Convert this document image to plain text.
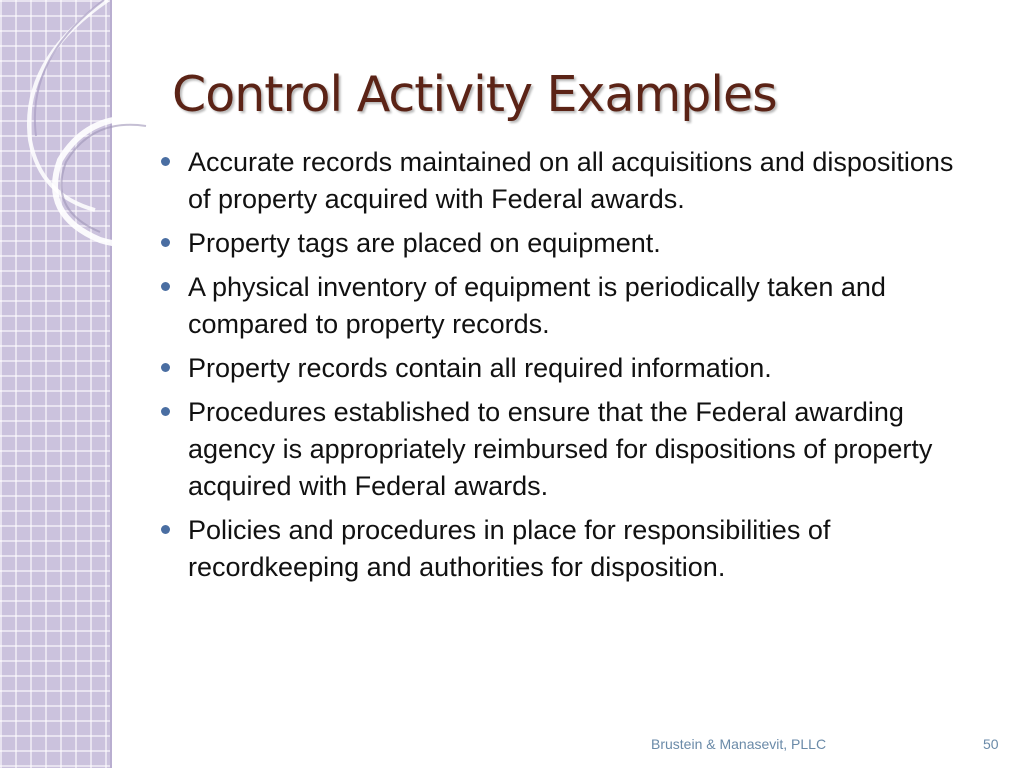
Control Activity Examples
Accurate records maintained on all acquisitions and dispositions of property acquired with Federal awards.
Property tags are placed on equipment.
A physical inventory of equipment is periodically taken and compared to property records.
Property records contain all required information.
Procedures established to ensure that the Federal awarding agency is appropriately reimbursed for dispositions of property acquired with Federal awards.
Policies and procedures in place for responsibilities of recordkeeping and authorities for disposition.
Brustein & Manasevit, PLLC	50
